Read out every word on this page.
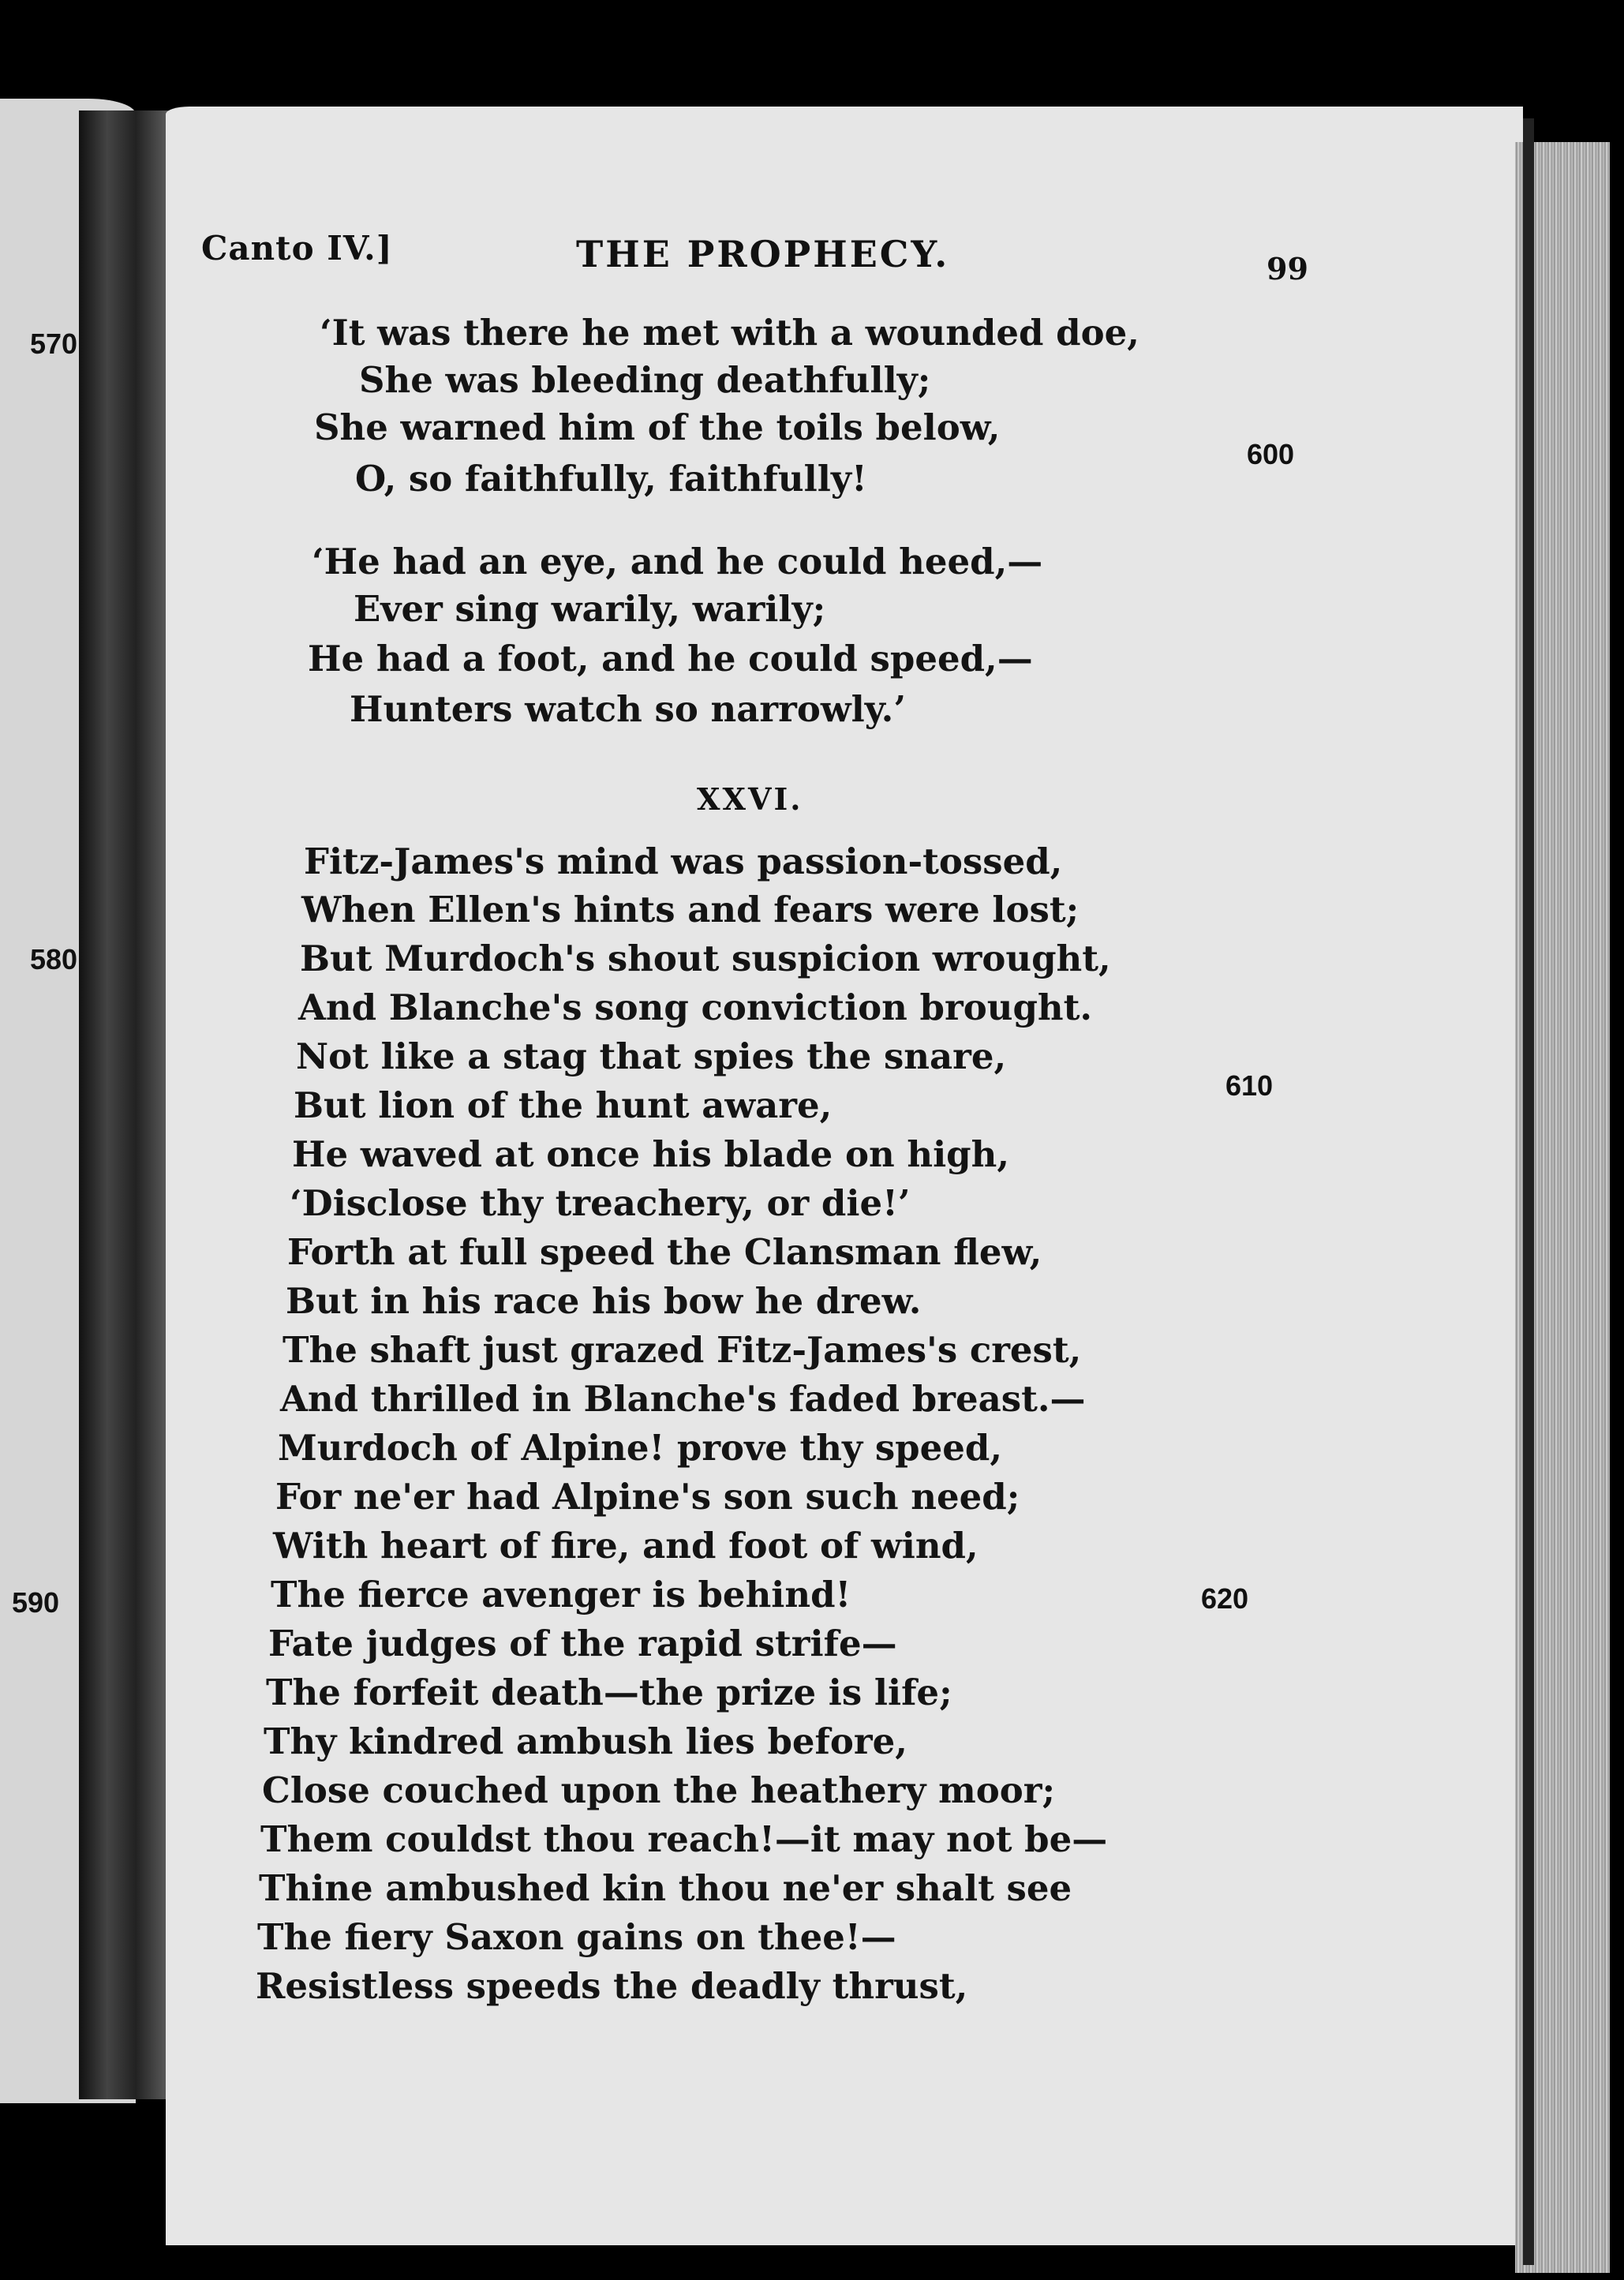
Canto IV.]	THE PROPHECY.	99
570
580
590
600
610
620
‘It was there he met with a wounded doe,
She was bleeding deathfully;
She warned him of the toils below,
O, so faithfully, faithfully!
‘He had an eye, and he could heed,—
Ever sing warily, warily;
He had a foot, and he could speed,—
Hunters watch so narrowly.’
XXVI.
Fitz-James's mind was passion-tossed,
When Ellen's hints and fears were lost;
But Murdoch's shout suspicion wrought,
And Blanche's song conviction brought.
Not like a stag that spies the snare,
But lion of the hunt aware,
He waved at once his blade on high,
‘Disclose thy treachery, or die!’
Forth at full speed the Clansman flew,
But in his race his bow he drew.
The shaft just grazed Fitz-James's crest,
And thrilled in Blanche's faded breast.—
Murdoch of Alpine! prove thy speed,
For ne'er had Alpine's son such need;
With heart of fire, and foot of wind,
The fierce avenger is behind!
Fate judges of the rapid strife—
The forfeit death—the prize is life;
Thy kindred ambush lies before,
Close couched upon the heathery moor;
Them couldst thou reach!—it may not be—
Thine ambushed kin thou ne'er shalt see
The fiery Saxon gains on thee!—
Resistless speeds the deadly thrust,
